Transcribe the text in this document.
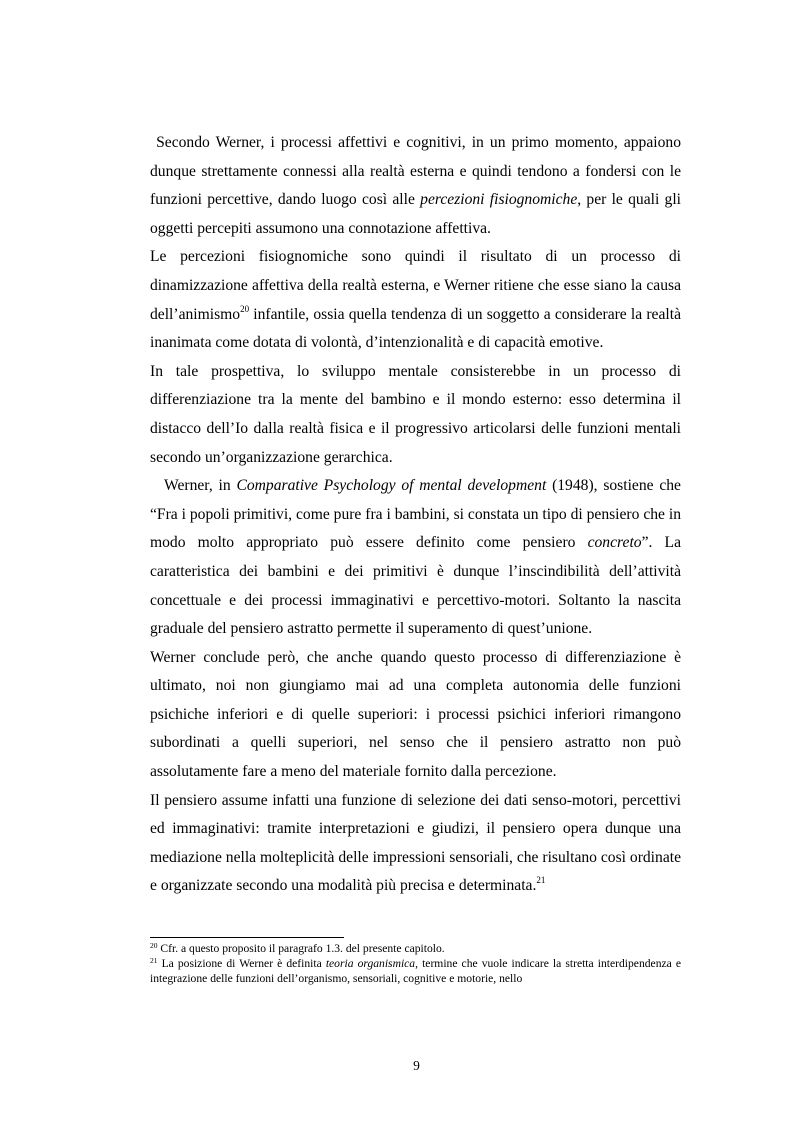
Secondo Werner, i processi affettivi e cognitivi, in un primo momento, appaiono dunque strettamente connessi alla realtà esterna e quindi tendono a fondersi con le funzioni percettive, dando luogo così alle percezioni fisiognomiche, per le quali gli oggetti percepiti assumono una connotazione affettiva.

Le percezioni fisiognomiche sono quindi il risultato di un processo di dinamizzazione affettiva della realtà esterna, e Werner ritiene che esse siano la causa dell’animismo$^{20}$ infantile, ossia quella tendenza di un soggetto a considerare la realtà inanimata come dotata di volontà, d’intenzionalità e di capacità emotive.

In tale prospettiva, lo sviluppo mentale consisterebbe in un processo di differenziazione tra la mente del bambino e il mondo esterno: esso determina il distacco dell’Io dalla realtà fisica e il progressivo articolarsi delle funzioni mentali secondo un’organizzazione gerarchica.

Werner, in Comparative Psychology of mental development (1948), sostiene che “Fra i popoli primitivi, come pure fra i bambini, si constata un tipo di pensiero che in modo molto appropriato può essere definito come pensiero concreto”. La caratteristica dei bambini e dei primitivi è dunque l’inscindibilità dell’attività concettuale e dei processi immaginativi e percettivo-motori. Soltanto la nascita graduale del pensiero astratto permette il superamento di quest’unione.

Werner conclude però, che anche quando questo processo di differenziazione è ultimato, noi non giungiamo mai ad una completa autonomia delle funzioni psichiche inferiori e di quelle superiori: i processi psichici inferiori rimangono subordinati a quelli superiori, nel senso che il pensiero astratto non può assolutamente fare a meno del materiale fornito dalla percezione.

Il pensiero assume infatti una funzione di selezione dei dati senso-motori, percettivi ed immaginativi: tramite interpretazioni e giudizi, il pensiero opera dunque una mediazione nella molteplicità delle impressioni sensoriali, che risultano così ordinate e organizzate secondo una modalità più precisa e determinata.$^{21}$

$^{20}$ Cfr. a questo proposito il paragrafo 1.3. del presente capitolo.

$^{21}$ La posizione di Werner è definita teoria organismica, termine che vuole indicare la stretta interdipendenza e integrazione delle funzioni dell’organismo, sensoriali, cognitive e motorie, nello

9
